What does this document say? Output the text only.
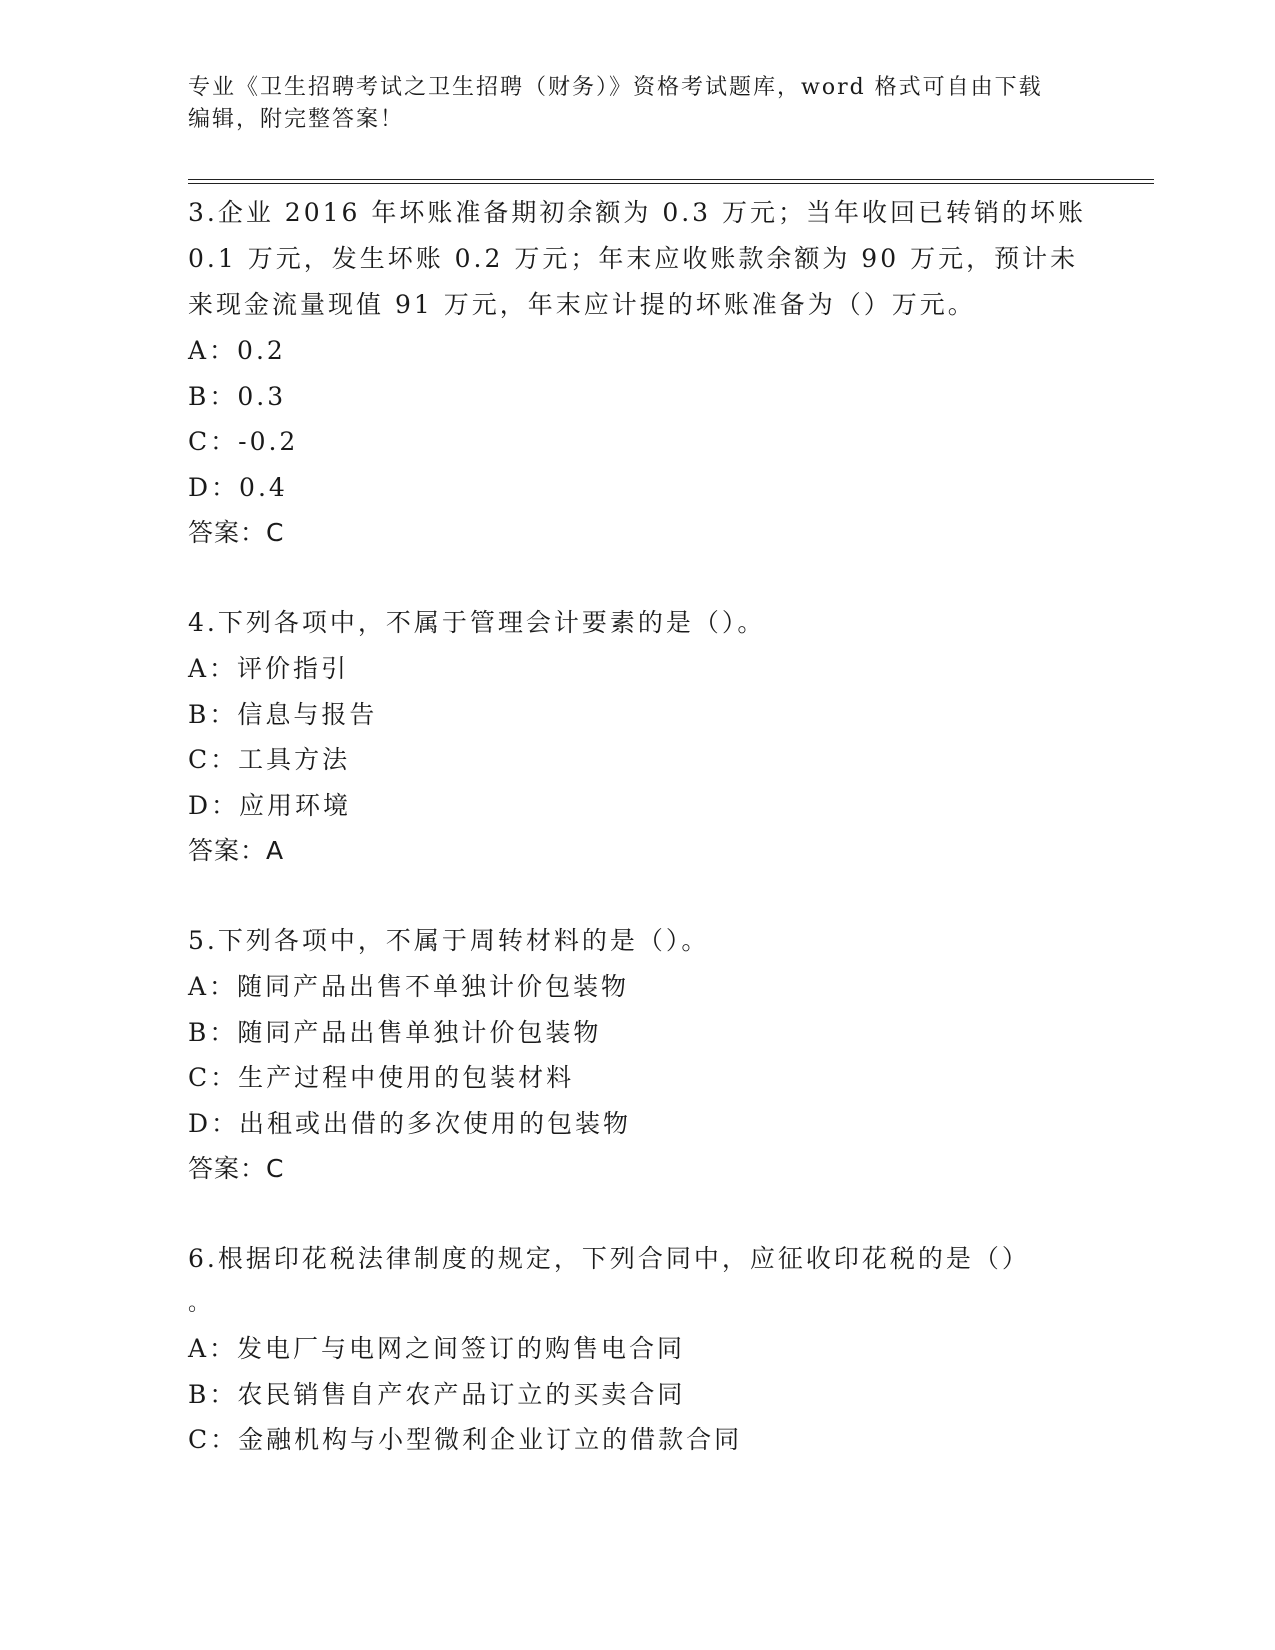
专业《卫生招聘考试之卫生招聘（财务）》资格考试题库，word 格式可自由下载
编辑，附完整答案！
3.企业 2016 年坏账准备期初余额为 0.3 万元；当年收回已转销的坏账
0.1 万元，发生坏账 0.2 万元；年末应收账款余额为 90 万元，预计未
来现金流量现值 91 万元，年末应计提的坏账准备为（）万元。
A：0.2
B：0.3
C：-0.2
D：0.4
答案：C
4.下列各项中，不属于管理会计要素的是（）。
A：评价指引
B：信息与报告
C：工具方法
D：应用环境
答案：A
5.下列各项中，不属于周转材料的是（）。
A：随同产品出售不单独计价包装物
B：随同产品出售单独计价包装物
C：生产过程中使用的包装材料
D：出租或出借的多次使用的包装物
答案：C
6.根据印花税法律制度的规定，下列合同中，应征收印花税的是（）
。
A：发电厂与电网之间签订的购售电合同
B：农民销售自产农产品订立的买卖合同
C：金融机构与小型微利企业订立的借款合同
